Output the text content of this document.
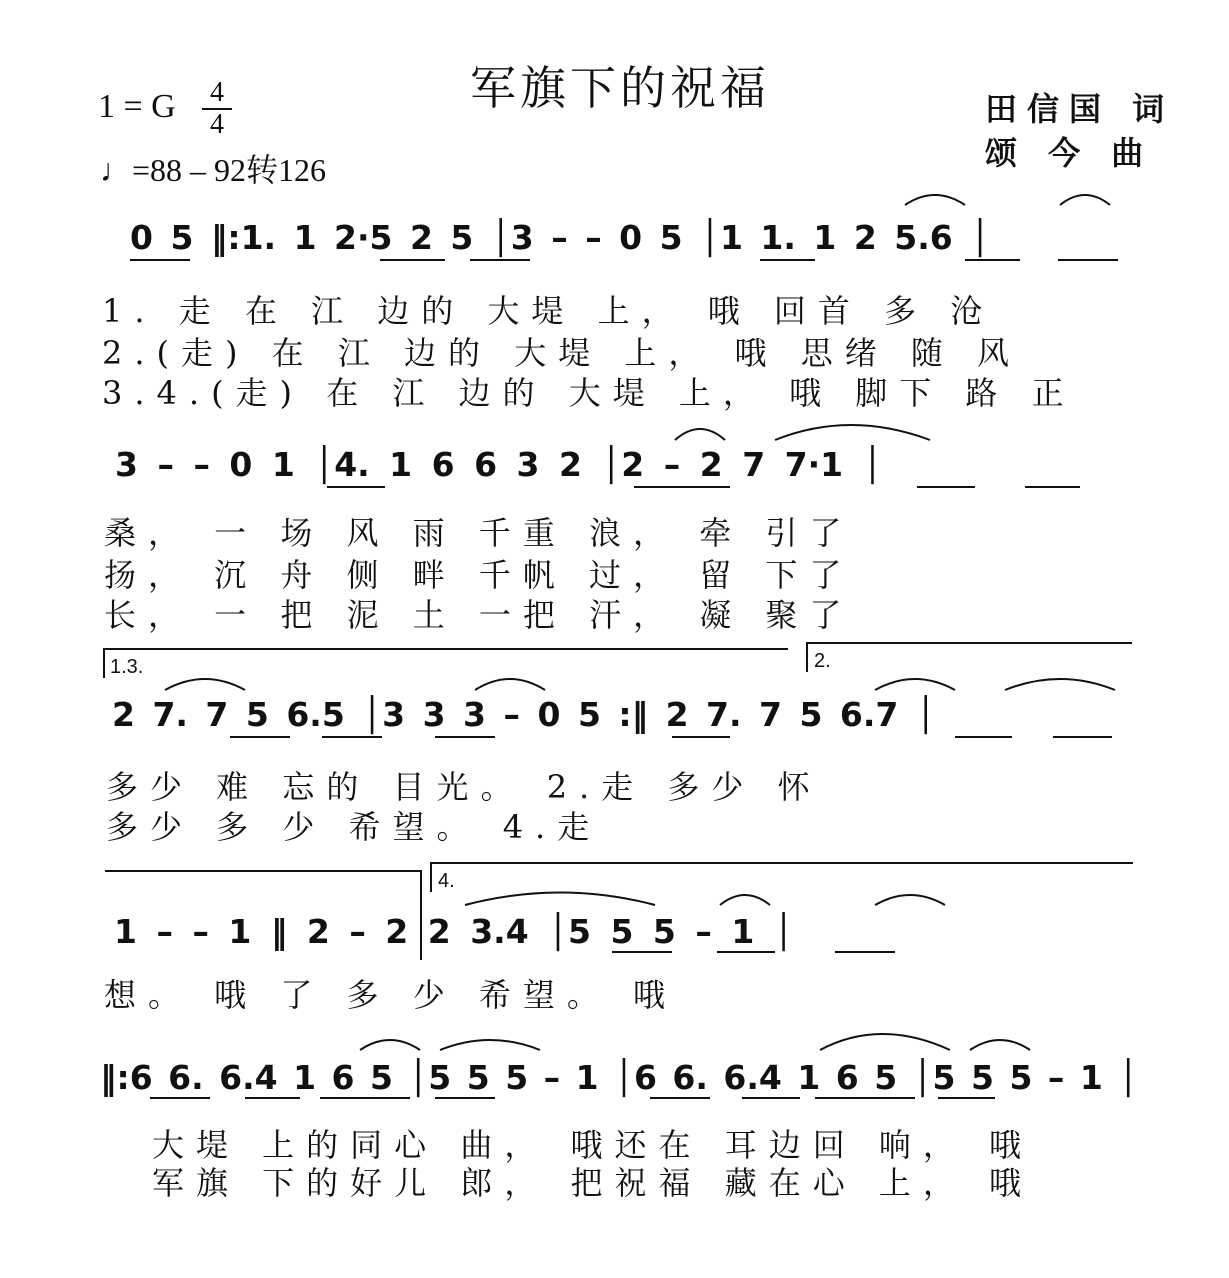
军旗下的祝福
1 = G	4
4
♩=88 – 92转126
田信国 词
颂 今 曲
0 5 ‖:1. 1 2·5 2 5 │3 – – 0 5 │1 1. 1 2 5.6 │
1. 走 在 江 边的 大堤 上， 哦 回首 多 沧
2.(走) 在 江 边的 大堤 上， 哦 思绪 随 风
3.4.(走) 在 江 边的 大堤 上， 哦 脚下 路 正
3 – – 0 1 │4. 1 6 6 3 2 │2 – 2 7 7·1 │
桑， 一 场 风 雨 千重 浪， 牵 引了
扬， 沉 舟 侧 畔 千帆 过， 留 下了
长， 一 把 泥 土 一把 汗， 凝 聚了
1.3.	2.
2 7. 7 5 6.5 │3 3 3 – 0 5 :‖ 2 7. 7 5 6.7 │
多少 难 忘的 目光。 2.走 多少 怀
多少 多 少 希望。 4.走
4.
1 – – 1 ‖ 2 – 2 2 3.4 │5 5 5 – 1 │
想。 哦 了 多 少 希望。 哦
‖:6 6. 6.4 1 6 5 │5 5 5 – 1 │6 6. 6.4 1 6 5 │5 5 5 – 1 │
大堤 上的同心 曲， 哦还在 耳边回 响， 哦
军旗 下的好儿 郎， 把祝福 藏在心 上， 哦
